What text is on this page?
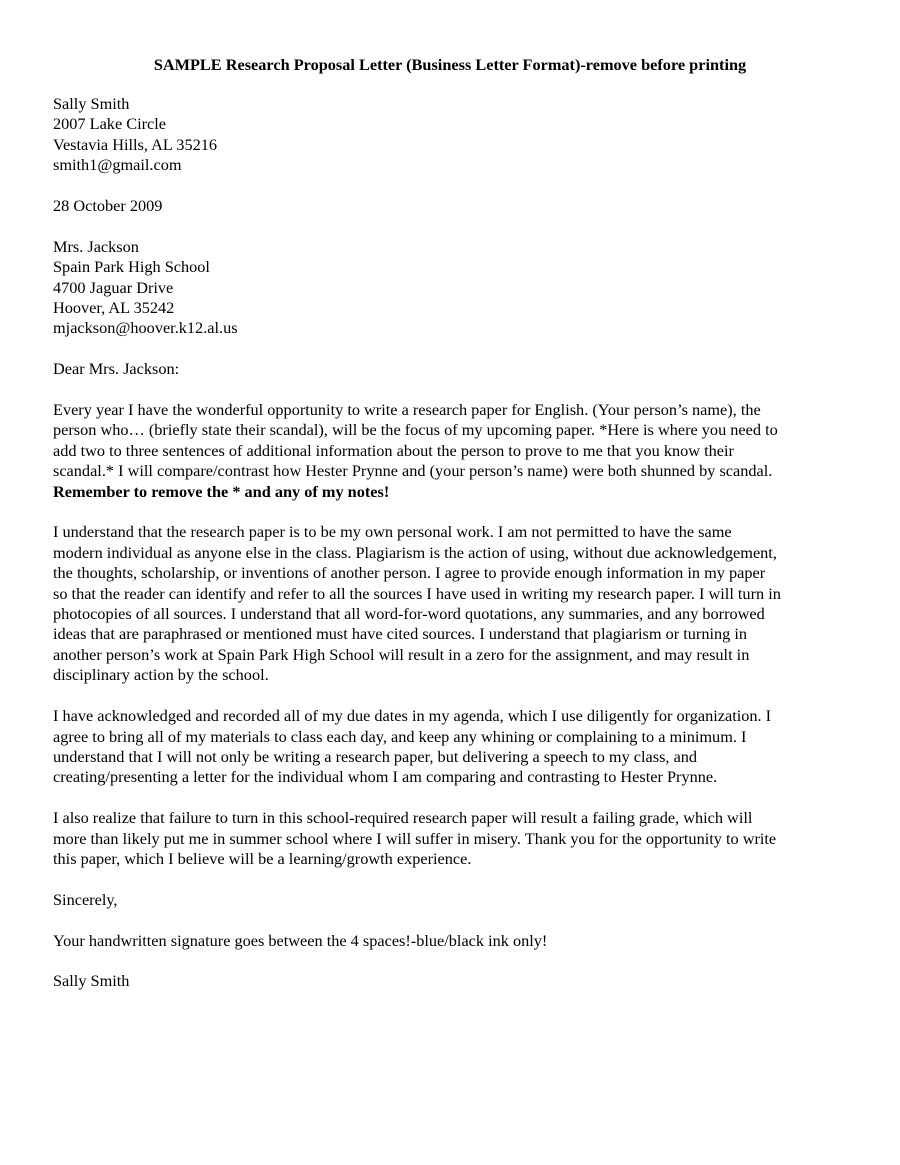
SAMPLE Research Proposal Letter (Business Letter Format)-remove before printing
Sally Smith
2007 Lake Circle
Vestavia Hills, AL 35216
smith1@gmail.com
28 October 2009
Mrs. Jackson
Spain Park High School
4700 Jaguar Drive
Hoover, AL 35242
mjackson@hoover.k12.al.us
Dear Mrs. Jackson:
Every year I have the wonderful opportunity to write a research paper for English. (Your person’s name), the
person who… (briefly state their scandal), will be the focus of my upcoming paper. *Here is where you need to
add two to three sentences of additional information about the person to prove to me that you know their
scandal.* I will compare/contrast how Hester Prynne and (your person’s name) were both shunned by scandal.
Remember to remove the * and any of my notes!
I understand that the research paper is to be my own personal work. I am not permitted to have the same
modern individual as anyone else in the class. Plagiarism is the action of using, without due acknowledgement,
the thoughts, scholarship, or inventions of another person. I agree to provide enough information in my paper
so that the reader can identify and refer to all the sources I have used in writing my research paper. I will turn in
photocopies of all sources. I understand that all word-for-word quotations, any summaries, and any borrowed
ideas that are paraphrased or mentioned must have cited sources. I understand that plagiarism or turning in
another person’s work at Spain Park High School will result in a zero for the assignment, and may result in
disciplinary action by the school.
I have acknowledged and recorded all of my due dates in my agenda, which I use diligently for organization. I
agree to bring all of my materials to class each day, and keep any whining or complaining to a minimum. I
understand that I will not only be writing a research paper, but delivering a speech to my class, and
creating/presenting a letter for the individual whom I am comparing and contrasting to Hester Prynne.
I also realize that failure to turn in this school-required research paper will result a failing grade, which will
more than likely put me in summer school where I will suffer in misery. Thank you for the opportunity to write
this paper, which I believe will be a learning/growth experience.
Sincerely,
Your handwritten signature goes between the 4 spaces!-blue/black ink only!
Sally Smith
